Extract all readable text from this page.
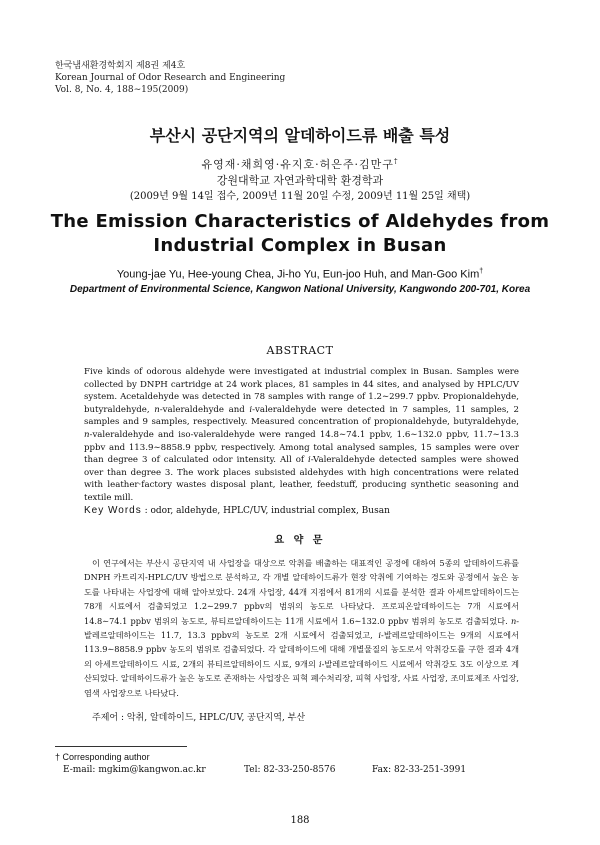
한국냄새환경학회지 제8권 제4호
Korean Journal of Odor Research and Engineering
Vol. 8, No. 4, 188∼195(2009)
부산시 공단지역의 알데하이드류 배출 특성
유영재·채희영·유지호·허은주·김만구†
강원대학교 자연과학대학 환경학과
(2009년 9월 14일 접수, 2009년 11월 20일 수정, 2009년 11월 25일 채택)
The Emission Characteristics of Aldehydes from
Industrial Complex in Busan
Young-jae Yu, Hee-young Chea, Ji-ho Yu, Eun-joo Huh, and Man-Goo Kim†
Department of Environmental Science, Kangwon National University, Kangwondo 200-701, Korea
ABSTRACT
Five kinds of odorous aldehyde were investigated at industrial complex in Busan. Samples were collected by DNPH cartridge at 24 work places, 81 samples in 44 sites, and analysed by HPLC/UV system. Acetaldehyde was detected in 78 samples with range of 1.2∼299.7 ppbv. Propionaldehyde, butyraldehyde, n-valeraldehyde and i-valeraldehyde were detected in 7 samples, 11 samples, 2 samples and 9 samples, respectively. Measured concentration of propionaldehyde, butyraldehyde, n-valeraldehyde and iso-valeraldehyde were ranged 14.8∼74.1 ppbv, 1.6∼132.0 ppbv, 11.7∼13.3 ppbv and 113.9∼8858.9 ppbv, respectively. Among total analysed samples, 15 samples were over than degree 3 of calculated odor intensity. All of i-Valeraldehyde detected samples were showed over than degree 3. The work places subsisted aldehydes with high concentrations were related with leather·factory wastes disposal plant, leather, feedstuff, producing synthetic seasoning and textile mill.
Key Words : odor, aldehyde, HPLC/UV, industrial complex, Busan
요 약 문
이 연구에서는 부산시 공단지역 내 사업장을 대상으로 악취를 배출하는 대표적인 공정에 대하여 5종의 알데하이드류를 DNPH 카트리지-HPLC/UV 방법으로 분석하고, 각 개별 알데하이드류가 현장 악취에 기여하는 경도와 공정에서 높은 농도를 나타내는 사업장에 대해 알아보았다. 24개 사업장, 44개 지점에서 81개의 시료를 분석한 결과 아세트알데하이드는 78개 시료에서 검출되었고 1.2∼299.7 ppbv의 범위의 농도로 나타났다. 프로피온알데하이드는 7개 시료에서 14.8∼74.1 ppbv 범위의 농도로, 뷰티르알데하이드는 11개 시료에서 1.6∼132.0 ppbv 범위의 농도로 검출되었다. n-발레르알데하이드는 11.7, 13.3 ppbv의 농도로 2개 시료에서 검출되었고, i-발레르알데하이드는 9개의 시료에서 113.9∼8858.9 ppbv 농도의 범위로 검출되었다. 각 알데하이드에 대해 개별물질의 농도로서 악취강도를 구한 결과 4개의 아세트알데하이드 시료, 2개의 뷰티르알데하이드 시료, 9개의 i-발레르알데하이드 시료에서 악취강도 3도 이상으로 계산되었다. 알데하이드류가 높은 농도로 존재하는 사업장은 피혁 폐수처리장, 피혁 사업장, 사료 사업장, 조미료제조 사업장, 염색 사업장으로 나타났다.
주제어 : 악취, 알데하이드, HPLC/UV, 공단지역, 부산
† Corresponding author
E-mail: mgkim@kangwon.ac.kr	Tel: 82-33-250-8576	Fax: 82-33-251-3991
188
